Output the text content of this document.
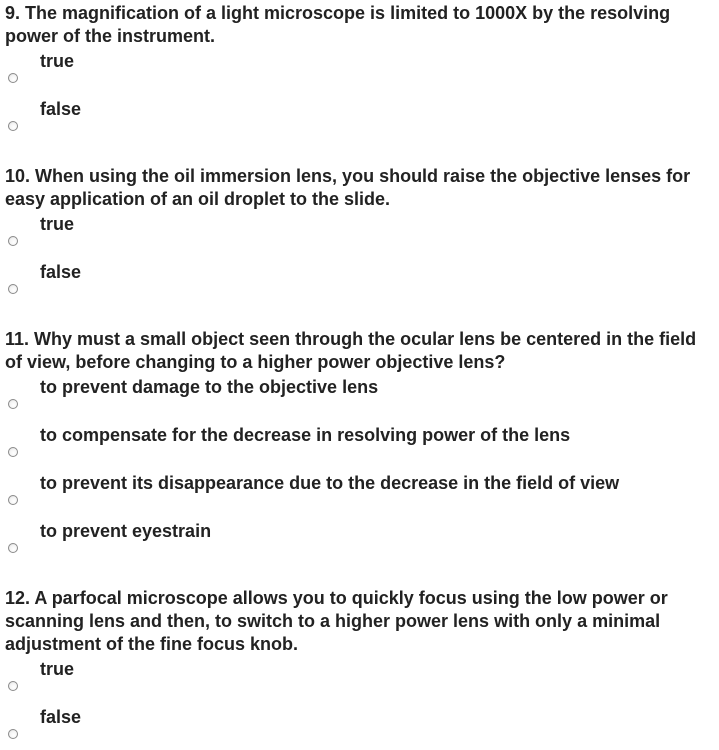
9. The magnification of a light microscope is limited to 1000X by the resolving power of the instrument.

true
false

10. When using the oil immersion lens, you should raise the objective lenses for easy application of an oil droplet to the slide.

true
false

11. Why must a small object seen through the ocular lens be centered in the field of view, before changing to a higher power objective lens?

to prevent damage to the objective lens
to compensate for the decrease in resolving power of the lens
to prevent its disappearance due to the decrease in the field of view
to prevent eyestrain

12. A parfocal microscope allows you to quickly focus using the low power or scanning lens and then, to switch to a higher power lens with only a minimal adjustment of the fine focus knob.

true
false
